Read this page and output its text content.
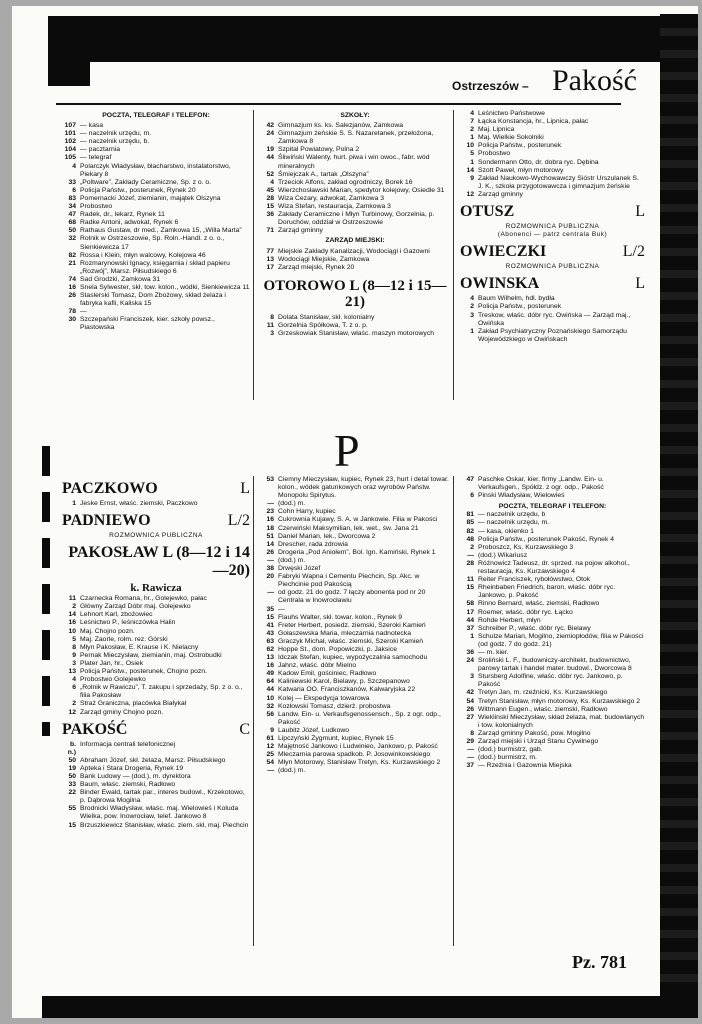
Ostrzeszów – Pakość
POCZTA, TELEGRAF I TELEFON:
107 — kasa
101 — naczelnik urzędu, m.
102 — naczelnik urzędu, b.
104 — pacztarnia
105 — telegraf
4 Polarczyk Władysław, blacharstwo, instalatorstwo, Piekary 8
33 „Poltware”, Zakłady Ceramiczne, Sp. z o. o.
6 Policja Państw., posterunek, Rynek 20
83 Pomernacki Józef, ziemianin, majątek Olszyna
34 Probostwo
47 Radek, dr., lekarz, Rynek 11
68 Radke Antoni, adwokat, Rynek 6
50 Rathaus Gustaw, dr med., Zamkowa 15, „Willa Marta”
32 Rolnik w Ostrzeszowie, Sp. Roln.-Handl. z o. o., Sienkiewicza 17
82 Rossa i Klein, młyn walcowy, Kolejowa 46
21 Rozmarynowski Ignacy, księgarnia i skład papieru „Rozwój”, Marsz. Piłsudskiego 6
74 Sad Grodzki, Zamkowa 31
16 Snela Sylwester, skł. tow. kolon., wódki, Sienkiewicza 11
26 Staslerski Tomasz, Dom Zbożowy, skład żelaza i fabryka kafli, Kaliska 15
78 —
30 Szczepański Franciszek, kier. szkoły powsz., Piastowska
SZKOŁY:
42 Gimnazjum ks. ks. Salezjanów, Zamkowa
24 Gimnazjum żeńskie S. S. Nazaretanek, przełożona, Zamkowa 8
19 Szpital Powiatowy, Polna 2
44 Śliwiński Walenty, hurt. piwa i win owoc., fabr. wód mineralnych
52 Śmiejczak A., tartak „Olszyna”
4 Trzeciok Alfons, zakład ogrodniczy, Borek 16
45 Wierzchosławski Marian, spedytor kolejowy, Osiedle 31
28 Wiza Cezary, adwokat, Zamkowa 3
15 Wiza Stefan, restauracja, Zamkowa 3
36 Zakłady Ceramiczne i Młyn Turbinowy, Gorzelnia, p. Doruchów, oddział w Ostrzeszowie
71 Zarząd gminny
ZARZĄD MIEJSKI:
77 Miejskie Zakłady Kanalizacji, Wodociągi i Gazowni
13 Wodociągi Miejskie, Zamkowa
17 Zarząd miejski, Rynek 20
OTOROWO L (8—12 i 15—21)
8 Dolata Stanisław, skł. kolonialny
11 Gorzelnia Spółkowa, T. z o. p.
3 Grzeskowiak Stanisław, właśc. maszyn motorowych
4 Leśnictwo Państwowe
7 Łącka Konstancja, hr., Lipnica, pałac
2 Maj. Lipnica
1 Maj. Wielkie Sokolniki
10 Policja Państw., posterunek
5 Probostwo
1 Sondermann Otto, dr. dobra ryc. Dębina
14 Szott Paweł, młyn motorowy
9 Zakład Naukowo-Wychowawczy Sióstr Urszulanek S. J. K., szkoła przygotowawcza i gimnazjum żeńskie
12 Zarząd gminny
OTUSZ	L
ROZMOWNICA PUBLICZNA
(Abonenci — patrz centrala Buk)
OWIECZKI	L/2
ROZMOWNICA PUBLICZNA
OWINSKA	L
4 Baum Wilhelm, hdl. bydła
2 Policja Państw., posterunek
3 Treskow, właśc. dóbr ryc. Owińska — Zarząd maj., Owińska
1 Zakład Psychiatryczny Poznańskiego Samorządu Wojewódzkiego w Owińskach
P
PACZKOWO	L
1 Jeske Ernst, właśc. ziemski, Paczkowo
PADNIEWO	L/2
ROZMOWNICA PUBLICZNA
PAKOSŁAW L (8—12 i 14—20)
k. Rawicza
11 Czarnecka Romana, hr., Golejewko, pałac
2 Główny Zarząd Dóbr maj. Golejewko
14 Lehnort Karl, zbożowiec
16 Leśnictwo P., leśniczówka Halin
10 Maj. Chojno pozn.
5 Maj. Zaorle, rołm. rez. Górski
8 Młyn Pakosław, E. Krause i K. Nielacny
9 Pernak Mieczysław, ziemianin, maj. Ostrobudki
3 Plater Jan, hr., Osiek
13 Policja Państw., posterunek, Chojno pozn.
4 Probostwo Golejewko
6 „Rolnik w Rawiczu”, T. zakupu i sprzedaży, Sp. z o. o., filia Pakosław
2 Straż Graniczna, placówka Białykał
12 Zarząd gminy Chojno pozn.
PAKOŚĆ	C
b. n.)
Informacja centrali telefonicznej
50 Abraham Józef, skł. żelaza, Marsz. Piłsudskiego
19 Apteka i Stara Drogeria, Rynek 19
50 Bank Ludowy — (dod.), m. dyrektora
33 Baum, właśc. ziemski, Radłowo
22 Binder Ewald, tartak par., interes budowl., Krzekotowo, p. Dąbrowa Mogilna
55 Brodnicki Władysław, właśc. maj. Wielowieś i Koluda Wielka, pow. Inowrocław, telef. Jankowo 8
15 Brzuszkiewicz Stanisław, właśc. ziem. skł, maj. Piechcin
53 Ciemny Mieczysław, kupiec, Rynek 23, hurt i detal towar. kolon., wódek gatunkowych oraz wyrobów Państw. Monopolu Spirytus.
— (dod.) m.
23 Cohn Harry, kupiec
16 Cukrownia Kujawy, S. A. w Jankowie. Filia w Pakości
18 Czerwiński Maksymilian, lek. wet., św. Jana 21
51 Daniel Marian, lek., Dworcowa 2
14 Drescher, rada zdrowia
26 Drogeria „Pod Aniołem”, Bol. Ign. Kamiński, Rynek 1
— (dod.) m.
38 Drwęski Józef
20 Fabryki Wapna i Cementu Piechcin, Sp. Akc. w Piechcinie pod Pakością
— od godz. 21 do godz. 7 łączy abonenta pod nr 20 Centrala w Inowrocławiu
35 —
15 Flauhs Walter, skł. towar. kolon., Rynek 9
41 Freter Herbert, posiedz. ziemski, Szeroki Kamień
43 Gołaszewska Maria, mleczarnia nadnotecka
63 Graczyk Michał, właśc. ziemski, Szeroki Kamień
62 Hoppe St., dom. Popowiczki, p. Jaksice
13 Idczak Stefan, kupiec, wypożyczalnia samochodu
16 Jahnz, właśc. dóbr Mielno
49 Kadow Emil, gościniec, Radłowo
64 Kaliniewski Karol, Bielawy, p. Szczepanowo
44 Katwaria OO. Franciszkanów, Kalwaryjska 22
10 Kolej — Ekspedycja towarowa
32 Kozłowski Tomasz, dzierż. probostwa
56 Landw. Ein- u. Verkaufsgenossensch., Sp. z ogr. odp., Pakość
9 Laubitz Józef, Ludkowo
61 Lipczyński Zygmunt, kupiec, Rynek 15
12 Majętność Jankowo i Ludwinieo, Jankowo, p. Pakość
25 Mleczarnia parowa spadkob. P. Josowinkowskiego
54 Młyn Motorowy, Stanisław Tretyn, Ks. Kurzawskiego 2
— (dod.) m.
47 Paschke Oskar, kier. firmy „Landw. Ein- u. Verkaufsgen., Spółdz. z ogr. odp., Pakość
6 Pinski Władysław, Wielowieś
POCZTA, TELEGRAF I TELEFON:
81 — naczelnik urzędu, b
85 — naczelnik urzędu, m.
82 — kasa, okienko 1
48 Policja Państw., posterunek Pakość, Rynek 4
2 Proboszcz, Ks. Kurzawskiego 3
— (dod.) Wikariusz
28 Różnowicz Tadeusz, dr. sprzed. na pojow alkohol., restauracja, Ks. Kurzawskiego 4
11 Reiter Franciszek, rybołówstwo, Otok
15 Rheinbaben Friedrich, baron, właśc. dóbr ryc. Jankowo, p. Pakość
58 Rinno Bernard, właśc. ziemski, Radłowo
17 Roemer, właśc. dóbr ryc. Łącko
44 Rohde Herbert, młyn
37 Schreiber P., właśc. dóbr ryc. Bielawy
1 Schulze Marian, Mogilno, ziemiopłodów, filia w Pakości (od godz. 7 do godz. 21)
36 — m. kier.
24 Sroliński L. F., budowniczy-architekt, budownictwo, parowy tartak i handel mater. budowl., Dworcowa 8
3 Stursberg Adolfine, właśc. dóbr ryc. Jankowo, p. Pakość
42 Tretyn Jan, m. rzeźnicki, Ks. Kurzawskiego
54 Tretyn Stanisław, młyn motorowy, Ks. Kurzawskiego 2
26 Wittmann Eugen., właśc. ziemski, Radłowo
27 Wieklinski Mieczysław, skład żelaza, mat. budowlanych i tow. kolonialnych
8 Zarząd gminny Pakość, pow. Mogilno
29 Zarząd miejski i Urząd Stanu Cywilnego
— (dod.) burmistrz, gab.
— (dod.) burmistrz, m.
37 — Rzeźnia i Gazownia Miejska
Pz. 781
